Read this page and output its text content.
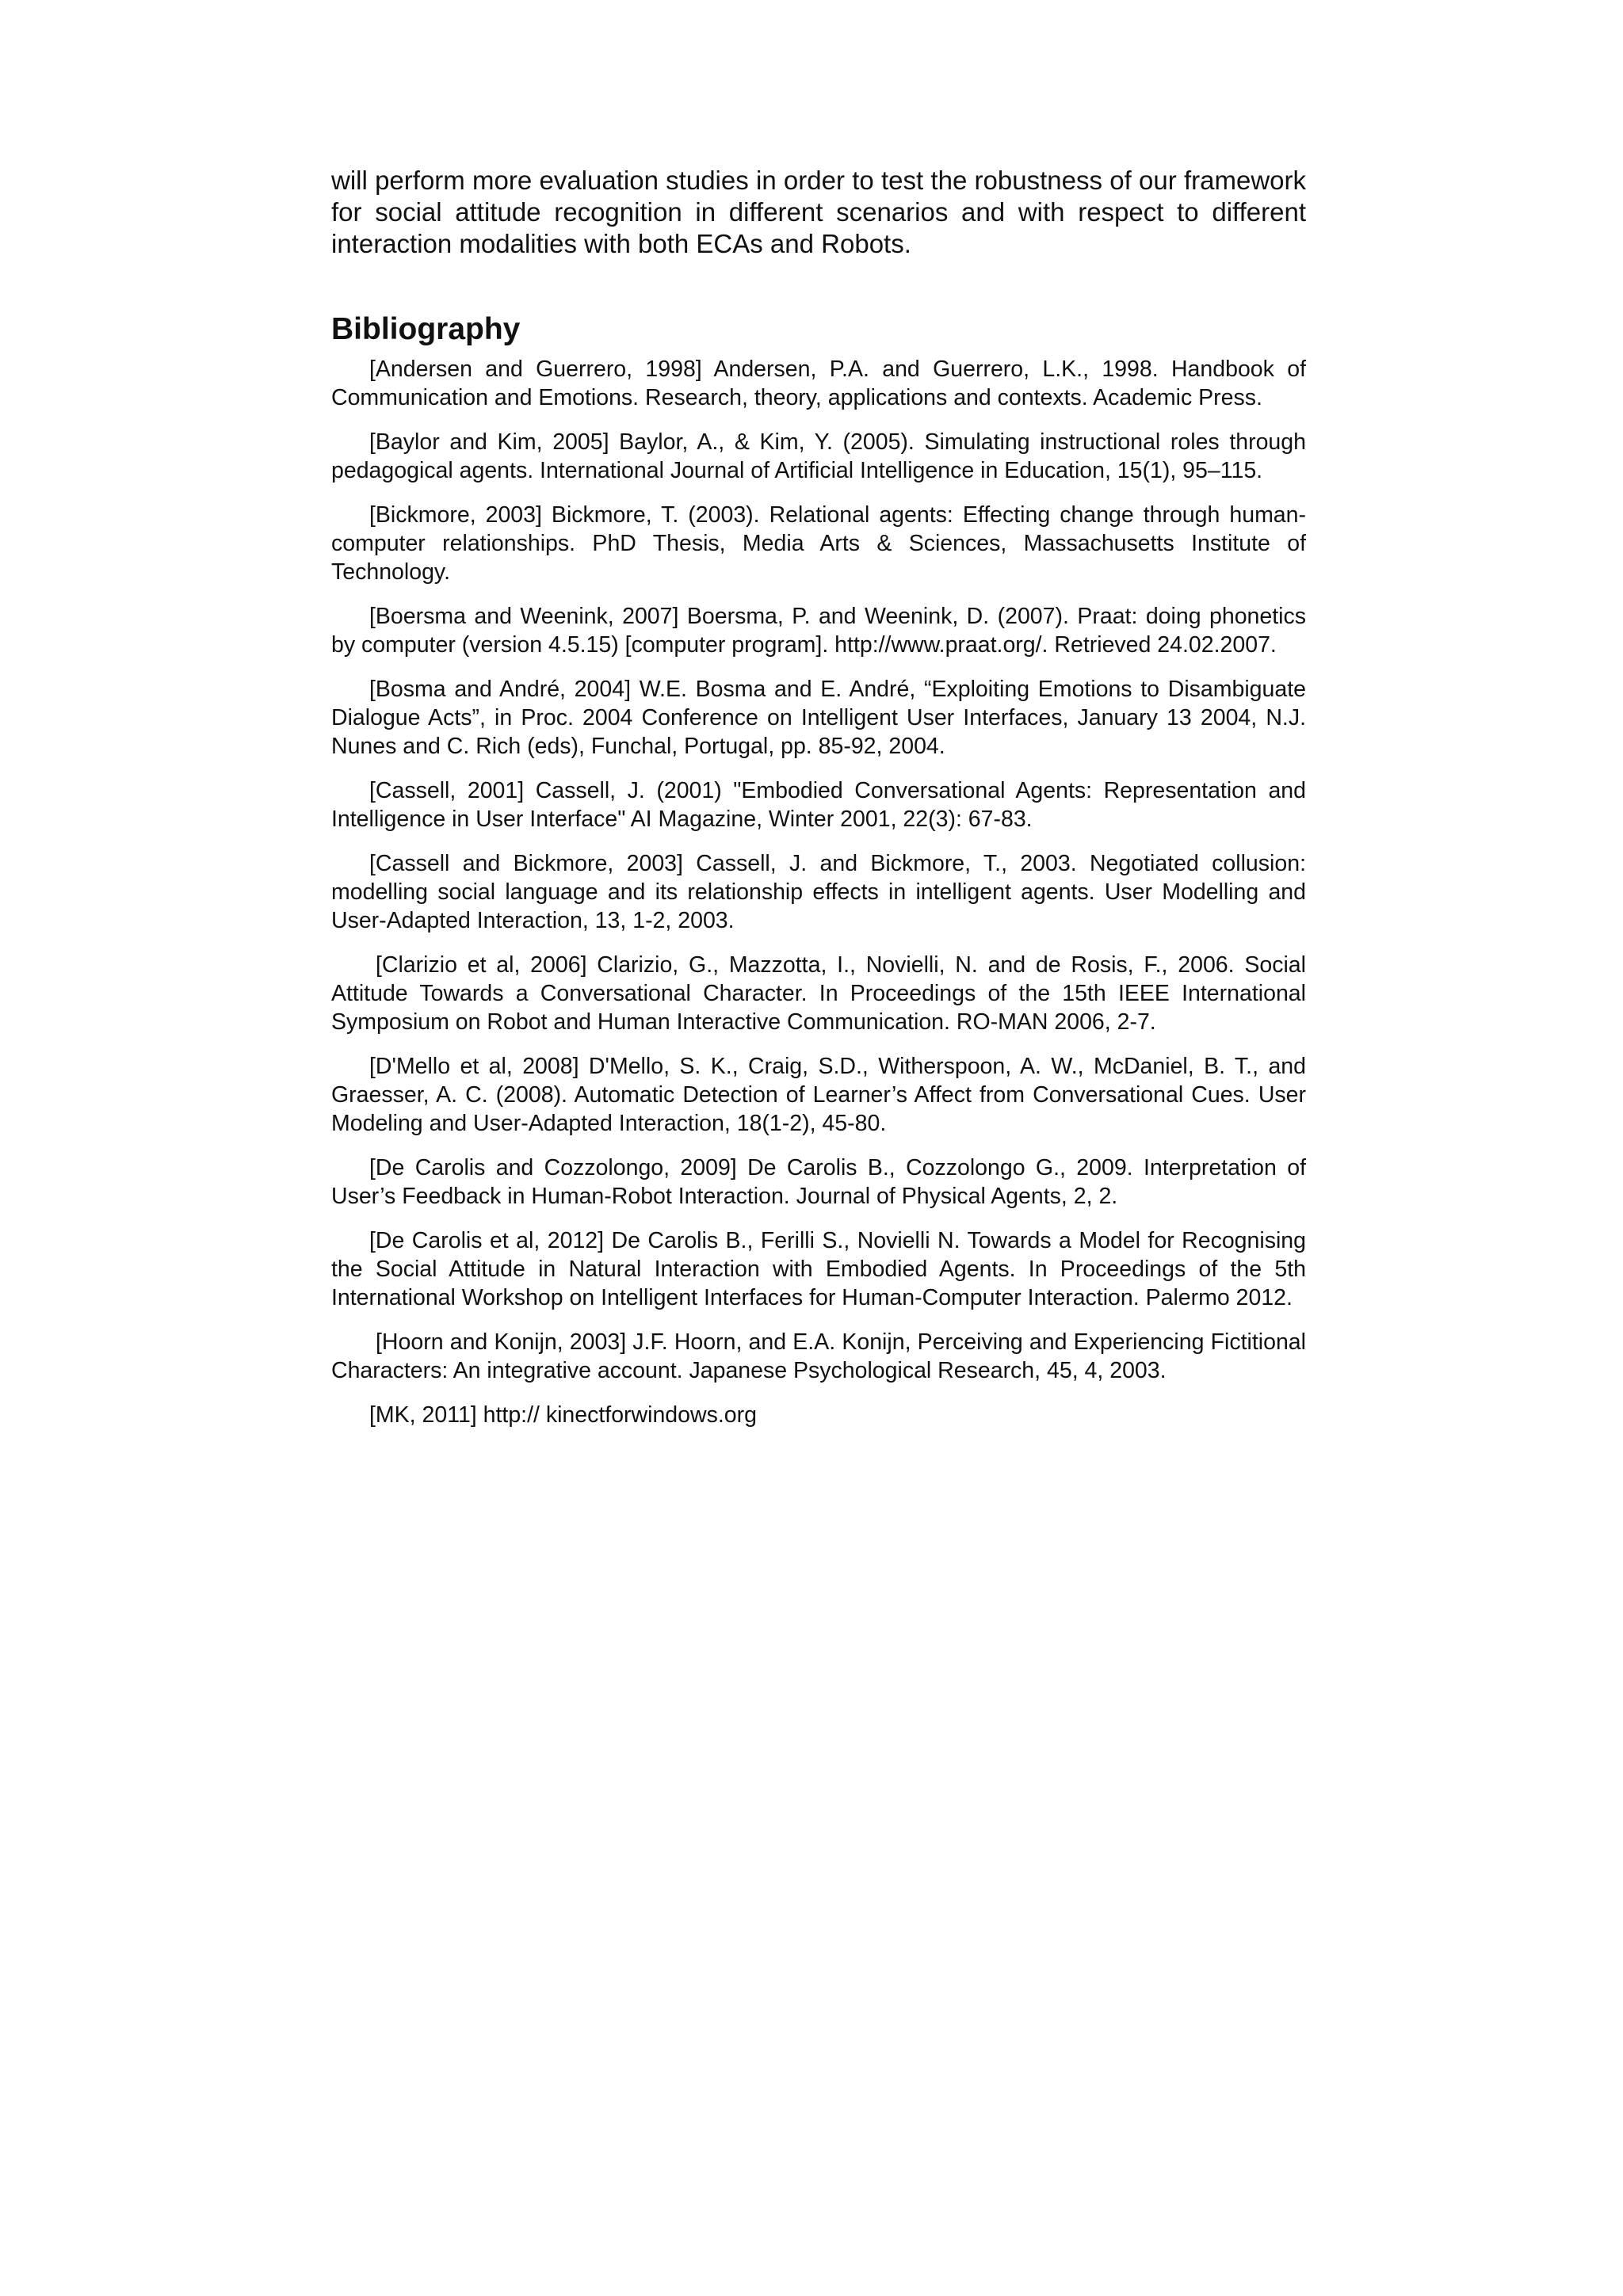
will perform more evaluation studies in order to test the robustness of our framework for social attitude recognition in different scenarios and with respect to different interaction modalities with both ECAs and Robots.

Bibliography

[Andersen and Guerrero, 1998] Andersen, P.A. and Guerrero, L.K., 1998. Handbook of Communication and Emotions. Research, theory, applications and contexts. Academic Press.

[Baylor and Kim, 2005] Baylor, A., & Kim, Y. (2005). Simulating instructional roles through pedagogical agents. International Journal of Artificial Intelligence in Education, 15(1), 95–115.

[Bickmore, 2003] Bickmore, T. (2003). Relational agents: Effecting change through human-computer relationships. PhD Thesis, Media Arts & Sciences, Massachusetts Institute of Technology.

[Boersma and Weenink, 2007] Boersma, P. and Weenink, D. (2007). Praat: doing phonetics by computer (version 4.5.15) [computer program]. http://www.praat.org/. Retrieved 24.02.2007.

[Bosma and André, 2004] W.E. Bosma and E. André, “Exploiting Emotions to Disambiguate Dialogue Acts”, in Proc. 2004 Conference on Intelligent User Interfaces, January 13 2004, N.J. Nunes and C. Rich (eds), Funchal, Portugal, pp. 85-92, 2004.

[Cassell, 2001] Cassell, J. (2001) "Embodied Conversational Agents: Representation and Intelligence in User Interface" AI Magazine, Winter 2001, 22(3): 67-83.

[Cassell and Bickmore, 2003] Cassell, J. and Bickmore, T., 2003. Negotiated collusion: modelling social language and its relationship effects in intelligent agents. User Modelling and User-Adapted Interaction, 13, 1-2, 2003.

[Clarizio et al, 2006] Clarizio, G., Mazzotta, I., Novielli, N. and de Rosis, F., 2006. Social Attitude Towards a Conversational Character. In Proceedings of the 15th IEEE International Symposium on Robot and Human Interactive Communication. RO-MAN 2006, 2-7.

[D'Mello et al, 2008] D'Mello, S. K., Craig, S.D., Witherspoon, A. W., McDaniel, B. T., and Graesser, A. C. (2008). Automatic Detection of Learner’s Affect from Conversational Cues. User Modeling and User-Adapted Interaction, 18(1-2), 45-80.

[De Carolis and Cozzolongo, 2009] De Carolis B., Cozzolongo G., 2009. Interpretation of User’s Feedback in Human-Robot Interaction. Journal of Physical Agents, 2, 2.

[De Carolis et al, 2012] De Carolis B., Ferilli S., Novielli N. Towards a Model for Recognising the Social Attitude in Natural Interaction with Embodied Agents. In Proceedings of the 5th International Workshop on Intelligent Interfaces for Human-Computer Interaction. Palermo 2012.

[Hoorn and Konijn, 2003] J.F. Hoorn, and E.A. Konijn, Perceiving and Experiencing Fictitional Characters: An integrative account. Japanese Psychological Research, 45, 4, 2003.

[MK, 2011] http:// kinectforwindows.org
